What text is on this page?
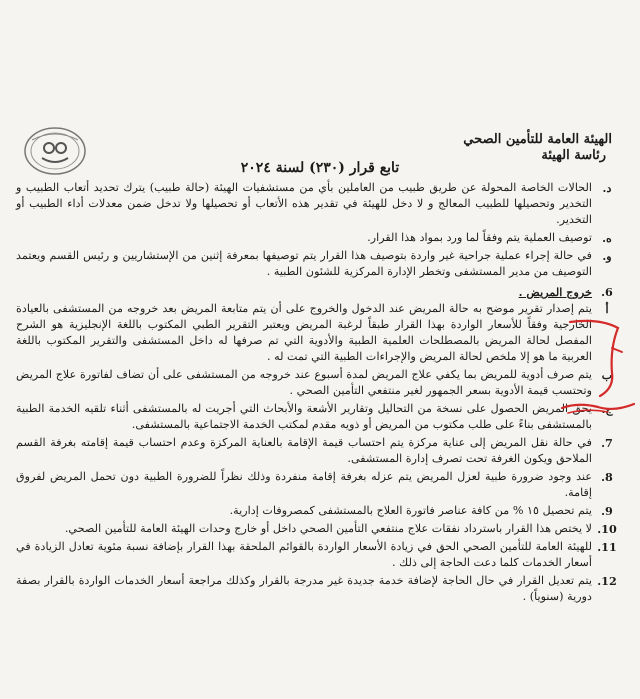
الهيئة العامة للتأمين الصحي
رئاسة الهيئة
تابع قرار (٢٣٠) لسنة ٢٠٢٤
د.

الحالات الخاصة المحولة عن طريق طبيب من العاملين بأي من مستشفيات الهيئة (حالة طبيب) يترك تحديد أتعاب الطبيب و التخدير وتحصيلها للطبيب المعالج و لا دخل للهيئة في تقدير هذه الأتعاب أو تحصيلها ولا تدخل ضمن معدلات أداء الطبيب أو التخدير.

ه.

توصيف العملية يتم وفقاً لما ورد بمواد هذا القرار.

و.

في حالة إجراء عملية جراحية غير واردة بتوصيف هذا القرار يتم توصيفها بمعرفة إثنين من الإستشاريين و رئيس القسم ويعتمد التوصيف من مدير المستشفى وتخطر الإدارة المركزية للشئون الطبية .

6.
خروج المريض .
أ

يتم إصدار تقرير موضح به حالة المريض عند الدخول والخروج على أن يتم متابعة المريض بعد خروجه من المستشفى بالعيادة الخارجية وفقاً للأسعار الواردة بهذا القرار طبقاً لرغبة المريض ويعتبر التقرير الطبي المكتوب باللغة الإنجليزية هو الشرح المفصل لحالة المريض بالمصطلحات العلمية الطبية والأدوية التي تم صرفها له داخل المستشفى والتقرير المكتوب باللغة العربية ما هو إلا ملخص لحالة المريض والإجراءات الطبية التي تمت له .

ب

يتم صرف أدوية للمريض بما يكفي علاج المريض لمدة أسبوع عند خروجه من المستشفى على أن تضاف لفاتورة علاج المريض وتحتسب قيمة الأدوية بسعر الجمهور لغير منتفعي التأمين الصحي .

ج.

يحق المريض الحصول على نسخة من التحاليل وتقارير الأشعة والأبحاث التي أجريت له بالمستشفى أثناء تلقيه الخدمة الطبية بالمستشفى بناءً على طلب مكتوب من المريض أو ذويه مقدم لمكتب الخدمة الاجتماعية بالمستشفى.

7.

في حالة نقل المريض إلى عناية مركزة يتم احتساب قيمة الإقامة بالعناية المركزة وعدم احتساب قيمة إقامته بغرفة القسم الملاحق ويكون الغرفة تحت تصرف إدارة المستشفى.

8.

عند وجود ضرورة طبية لعزل المريض يتم عزله بغرفة إقامة منفردة وذلك نظراً للضرورة الطبية دون تحمل المريض لفروق إقامة.

9.

يتم تحصيل ١٥ % من كافة عناصر فاتورة العلاج بالمستشفى كمصروفات إدارية.

10.

لا يختص هذا القرار باسترداد نفقات علاج منتفعي التأمين الصحي داخل أو خارج وحدات الهيئة العامة للتأمين الصحي.

11.

للهيئة العامة للتأمين الصحي الحق في زيادة الأسعار الواردة بالقوائم الملحقة بهذا القرار بإضافة نسبة مئوية تعادل الزيادة في أسعار الخدمات كلما دعت الحاجة إلى ذلك .

12.

يتم تعديل القرار في حال الحاجة لإضافة خدمة جديدة غير مدرجة بالقرار وكذلك مراجعة أسعار الخدمات الواردة بالقرار بصفة دورية (سنوياً) .
